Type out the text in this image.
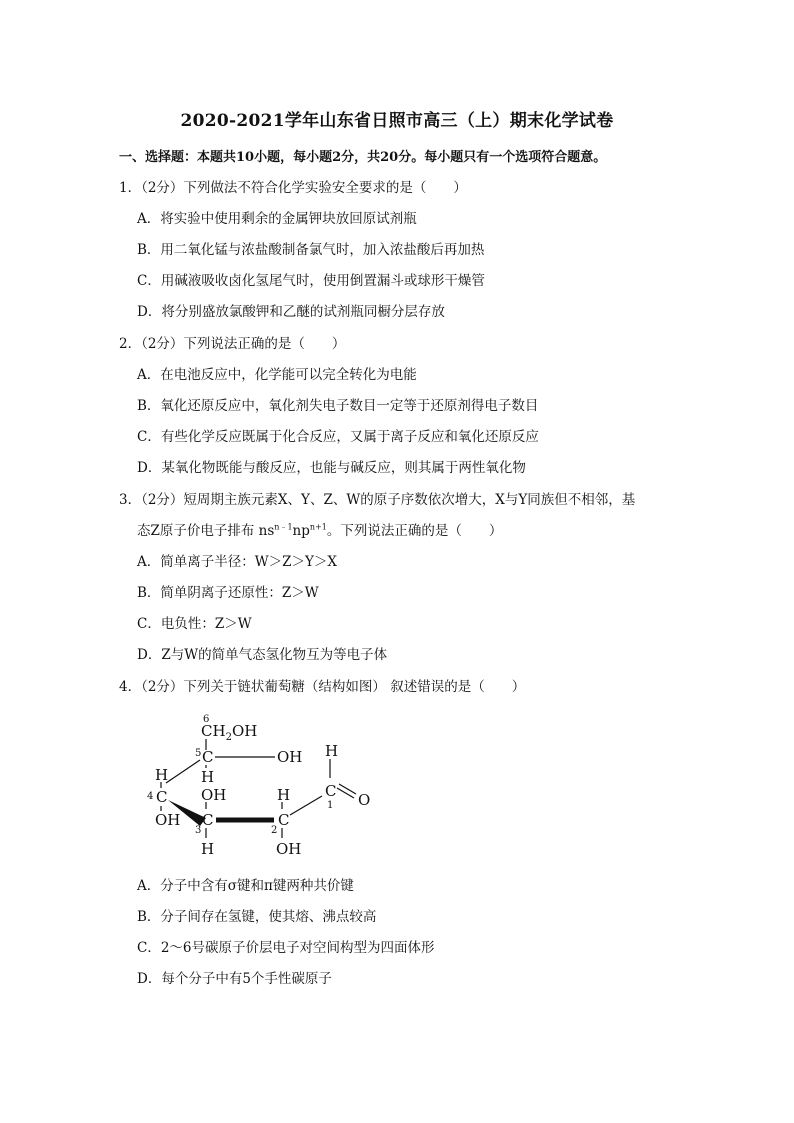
2020-2021学年山东省日照市高三（上）期末化学试卷
一、选择题：本题共10小题，每小题2分，共20分。每小题只有一个选项符合题意。
1．（2分）下列做法不符合化学实验安全要求的是（　　）
A．将实验中使用剩余的金属钾块放回原试剂瓶
B．用二氧化锰与浓盐酸制备氯气时，加入浓盐酸后再加热
C．用碱液吸收卤化氢尾气时，使用倒置漏斗或球形干燥管
D．将分别盛放氯酸钾和乙醚的试剂瓶同橱分层存放
2．（2分）下列说法正确的是（　　）
A．在电池反应中，化学能可以完全转化为电能
B．氧化还原反应中，氧化剂失电子数目一定等于还原剂得电子数目
C．有些化学反应既属于化合反应，又属于离子反应和氧化还原反应
D．某氧化物既能与酸反应，也能与碱反应，则其属于两性氧化物
3．（2分）短周期主族元素X、Y、Z、W的原子序数依次增大，X与Y同族但不相邻，基
态Z原子价电子排布 $ns^{n﹣1}np^{n+1}$。下列说法正确的是（　　）
A．简单离子半径：W＞Z＞Y＞X
B．简单阴离子还原性：Z＞W
C．电负性：Z＞W
D．Z与W的简单气态氢化物互为等电子体
4．（2分）下列关于链状葡萄糖（结构如图） 叙述错误的是（　　）
6
$CH_2OH$
5 C	OH
H
H
4 C
OH
OH
3
C
H
H
C
2
OH
H
C
1 O
A．分子中含有σ键和π键两种共价键
B．分子间存在氢键，使其熔、沸点较高
C．2～6号碳原子价层电子对空间构型为四面体形
D．每个分子中有5个手性碳原子
